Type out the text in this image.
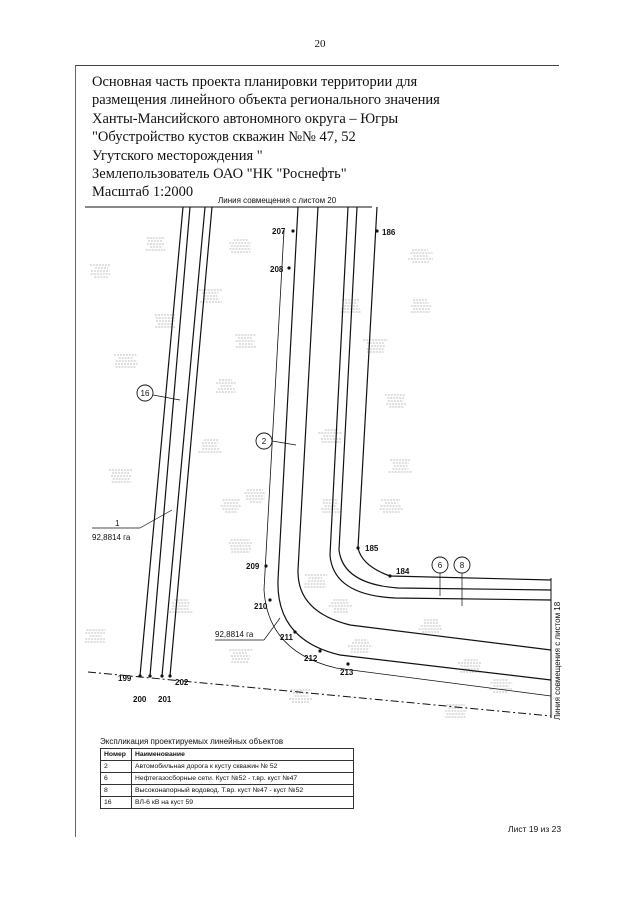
20
Основная часть проекта планировки территории для
размещения линейного объекта регионального значения
Ханты-Мансийского автономного округа – Югры
"Обустройство кустов скважин №№ 47, 52
Угутского месторождения "
Землепользователь ОАО "НК "Роснефть"
Масштаб 1:2000
Линия совмещения с листом 20
Линия совмещения с листом 18
16
2
6 8
1
92,8814 га
92,8814 га
207
208
186
185
184
209
210
211
212
213
199
200 201
202
Экспликация проектируемых линейных объектов
Номер	Наименование
2	Автомобильная дорога к кусту скважин № 52
6	Нефтегазосборные сети. Куст №52 - т.вр. куст №47
8	Высоконапорный водовод. Т.вр. куст №47 - куст №52
16	ВЛ-6 кВ на куст 59
Лист 19 из 23
